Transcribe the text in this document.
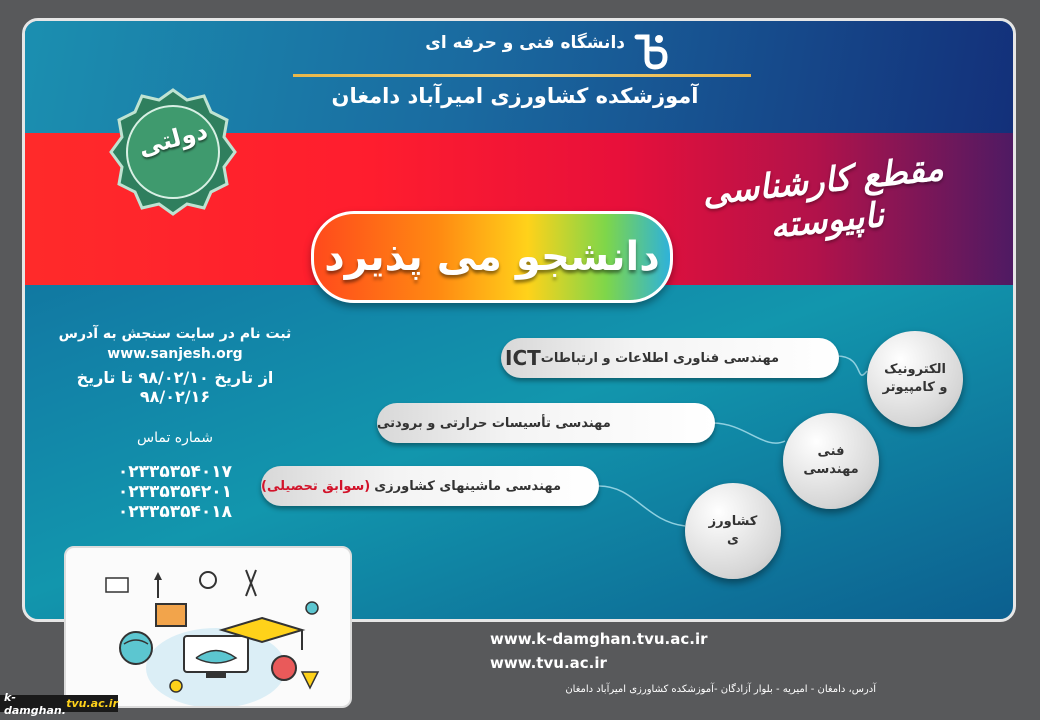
دانشگاه فنی و حرفه ای
آموزشکده کشاورزی امیرآباد دامغان
دولتی
مقطع کارشناسی ناپیوسته
دانشجو می پذیرد
ثبت نام در سایت سنجش به آدرس
www.sanjesh.org
از تاریخ ۹۸/۰۲/۱۰ تا تاریخ ۹۸/۰۲/۱۶
شماره تماس
۰۲۳۳۵۳۵۴۰۱۷
۰۲۳۳۵۳۵۴۲۰۱
۰۲۳۳۵۳۵۴۰۱۸
مهندسی فناوری اطلاعات و ارتباطات
ICT
مهندسی تأسیسات حرارتی و برودتی
مهندسی ماشینهای کشاورزی
(سوابق تحصیلی)
الکترونیک
و کامپیوتر
فنی
مهندسی
کشاورز
ی
www.k-damghan.tvu.ac.ir
www.tvu.ac.ir
آدرس، دامغان - امیریه - بلوار آزادگان -آموزشکده کشاورزی امیرآباد دامغان
k-damghan. tvu.ac.ir
